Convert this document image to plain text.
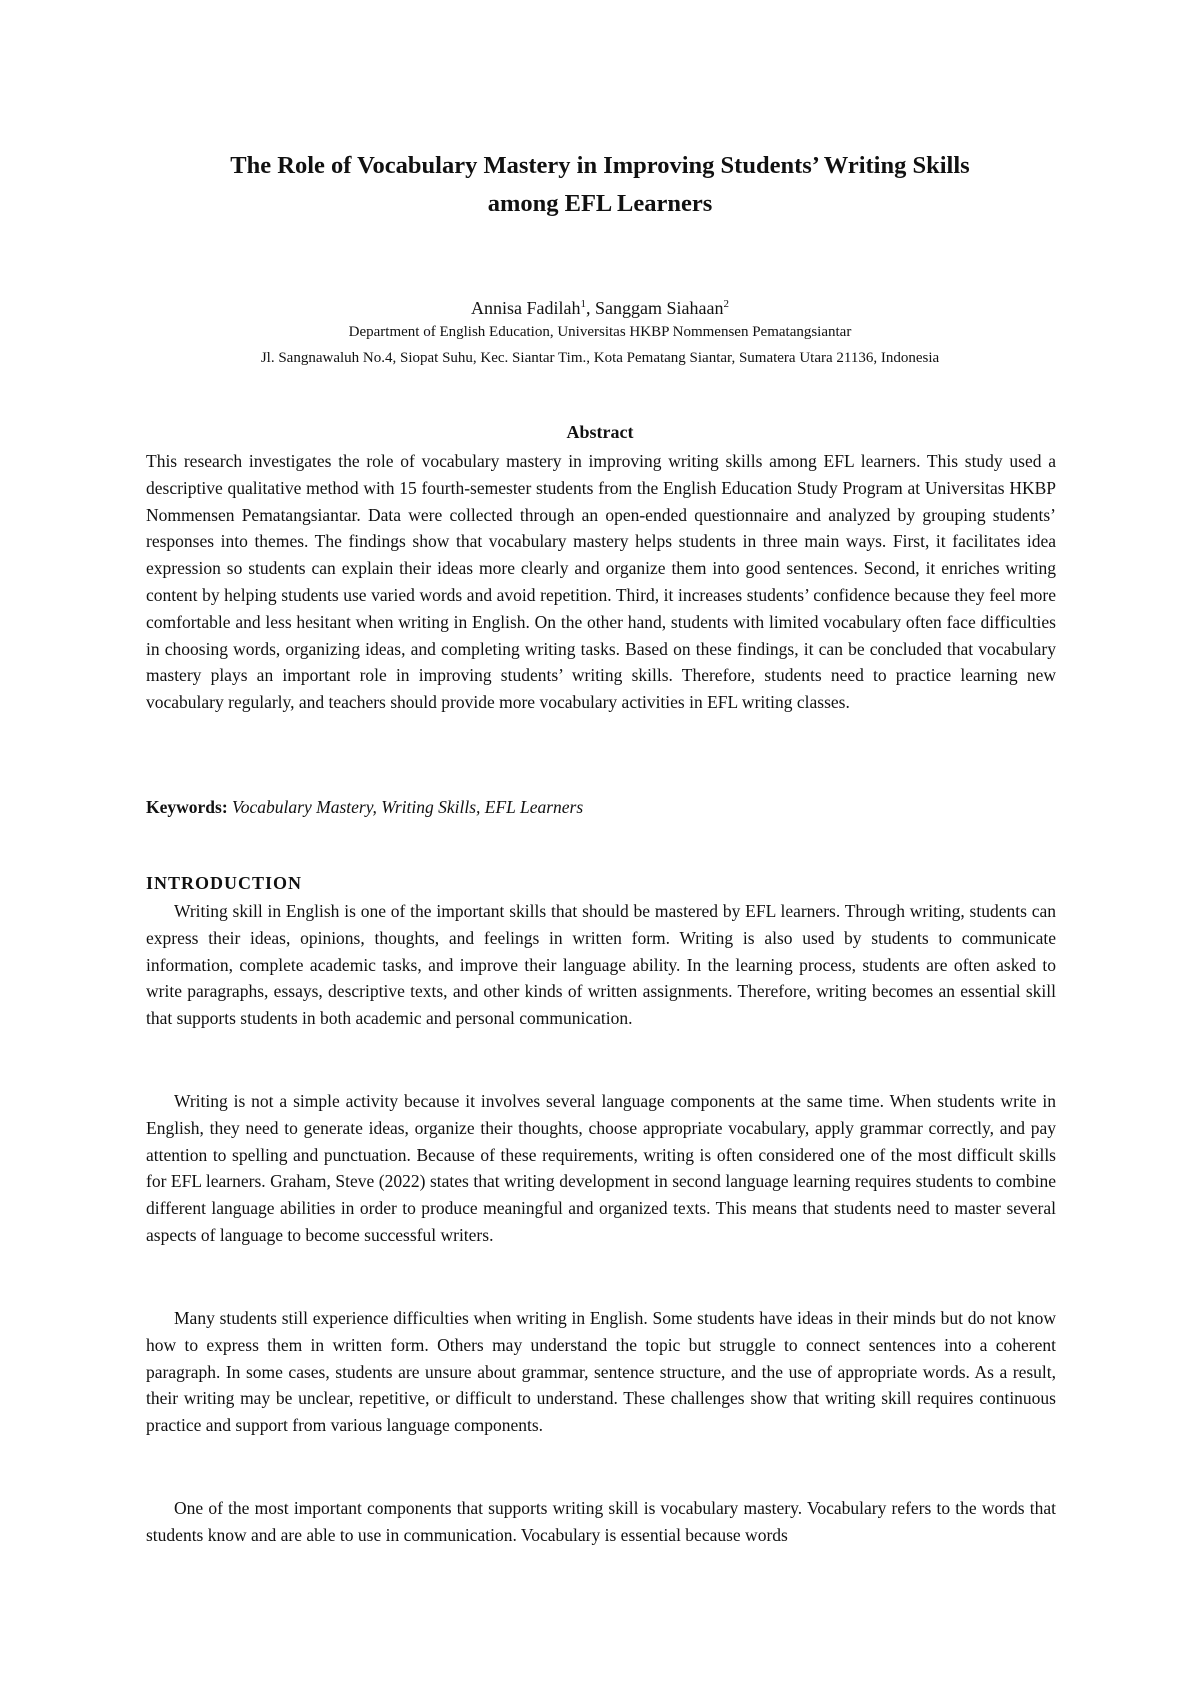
The Role of Vocabulary Mastery in Improving Students’ Writing Skills
among EFL Learners

Annisa Fadilah$^1$, Sanggam Siahaan$^2$

Department of English Education, Universitas HKBP Nommensen Pematangsiantar

Jl. Sangnawaluh No.4, Siopat Suhu, Kec. Siantar Tim., Kota Pematang Siantar, Sumatera Utara 21136, Indonesia

Abstract

This research investigates the role of vocabulary mastery in improving writing skills among EFL learners. This study used a descriptive qualitative method with 15 fourth-semester students from the English Education Study Program at Universitas HKBP Nommensen Pematangsiantar. Data were collected through an open-ended questionnaire and analyzed by grouping students’ responses into themes. The findings show that vocabulary mastery helps students in three main ways. First, it facilitates idea expression so students can explain their ideas more clearly and organize them into good sentences. Second, it enriches writing content by helping students use varied words and avoid repetition. Third, it increases students’ confidence because they feel more comfortable and less hesitant when writing in English. On the other hand, students with limited vocabulary often face difficulties in choosing words, organizing ideas, and completing writing tasks. Based on these findings, it can be concluded that vocabulary mastery plays an important role in improving students’ writing skills. Therefore, students need to practice learning new vocabulary regularly, and teachers should provide more vocabulary activities in EFL writing classes.

Keywords: Vocabulary Mastery, Writing Skills, EFL Learners

INTRODUCTION

Writing skill in English is one of the important skills that should be mastered by EFL learners. Through writing, students can express their ideas, opinions, thoughts, and feelings in written form. Writing is also used by students to communicate information, complete academic tasks, and improve their language ability. In the learning process, students are often asked to write paragraphs, essays, descriptive texts, and other kinds of written assignments. Therefore, writing becomes an essential skill that supports students in both academic and personal communication.

Writing is not a simple activity because it involves several language components at the same time. When students write in English, they need to generate ideas, organize their thoughts, choose appropriate vocabulary, apply grammar correctly, and pay attention to spelling and punctuation. Because of these requirements, writing is often considered one of the most difficult skills for EFL learners. Graham, Steve (2022) states that writing development in second language learning requires students to combine different language abilities in order to produce meaningful and organized texts. This means that students need to master several aspects of language to become successful writers.

Many students still experience difficulties when writing in English. Some students have ideas in their minds but do not know how to express them in written form. Others may understand the topic but struggle to connect sentences into a coherent paragraph. In some cases, students are unsure about grammar, sentence structure, and the use of appropriate words. As a result, their writing may be unclear, repetitive, or difficult to understand. These challenges show that writing skill requires continuous practice and support from various language components.

One of the most important components that supports writing skill is vocabulary mastery. Vocabulary refers to the words that students know and are able to use in communication. Vocabulary is essential because words
